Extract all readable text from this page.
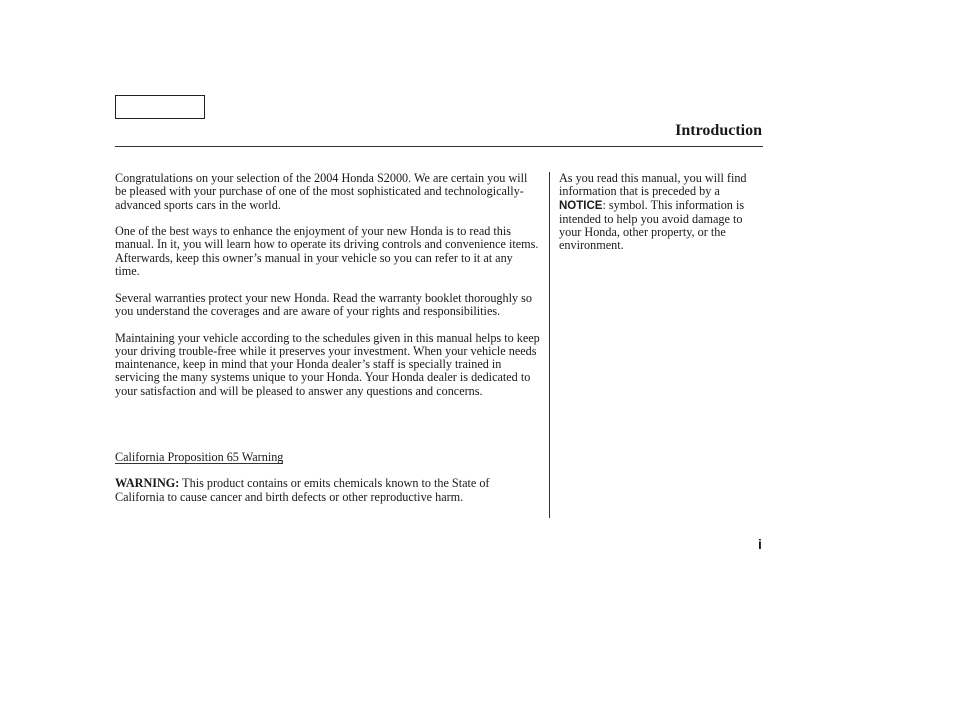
Introduction

Congratulations on your selection of the 2004 Honda S2000. We are certain you will be pleased with your purchase of one of the most sophisticated and technologically-advanced sports cars in the world.

One of the best ways to enhance the enjoyment of your new Honda is to read this manual. In it, you will learn how to operate its driving controls and convenience items. Afterwards, keep this owner’s manual in your vehicle so you can refer to it at any time.

Several warranties protect your new Honda. Read the warranty booklet thoroughly so you understand the coverages and are aware of your rights and responsibilities.

Maintaining your vehicle according to the schedules given in this manual helps to keep your driving trouble-free while it preserves your investment. When your vehicle needs maintenance, keep in mind that your Honda dealer’s staff is specially trained in servicing the many systems unique to your Honda. Your Honda dealer is dedicated to your satisfaction and will be pleased to answer any questions and concerns.

California Proposition 65 Warning

WARNING: This product contains or emits chemicals known to the State of California to cause cancer and birth defects or other reproductive harm.

As you read this manual, you will find information that is preceded by a NOTICE: symbol. This information is intended to help you avoid damage to your Honda, other property, or the environment.

i
